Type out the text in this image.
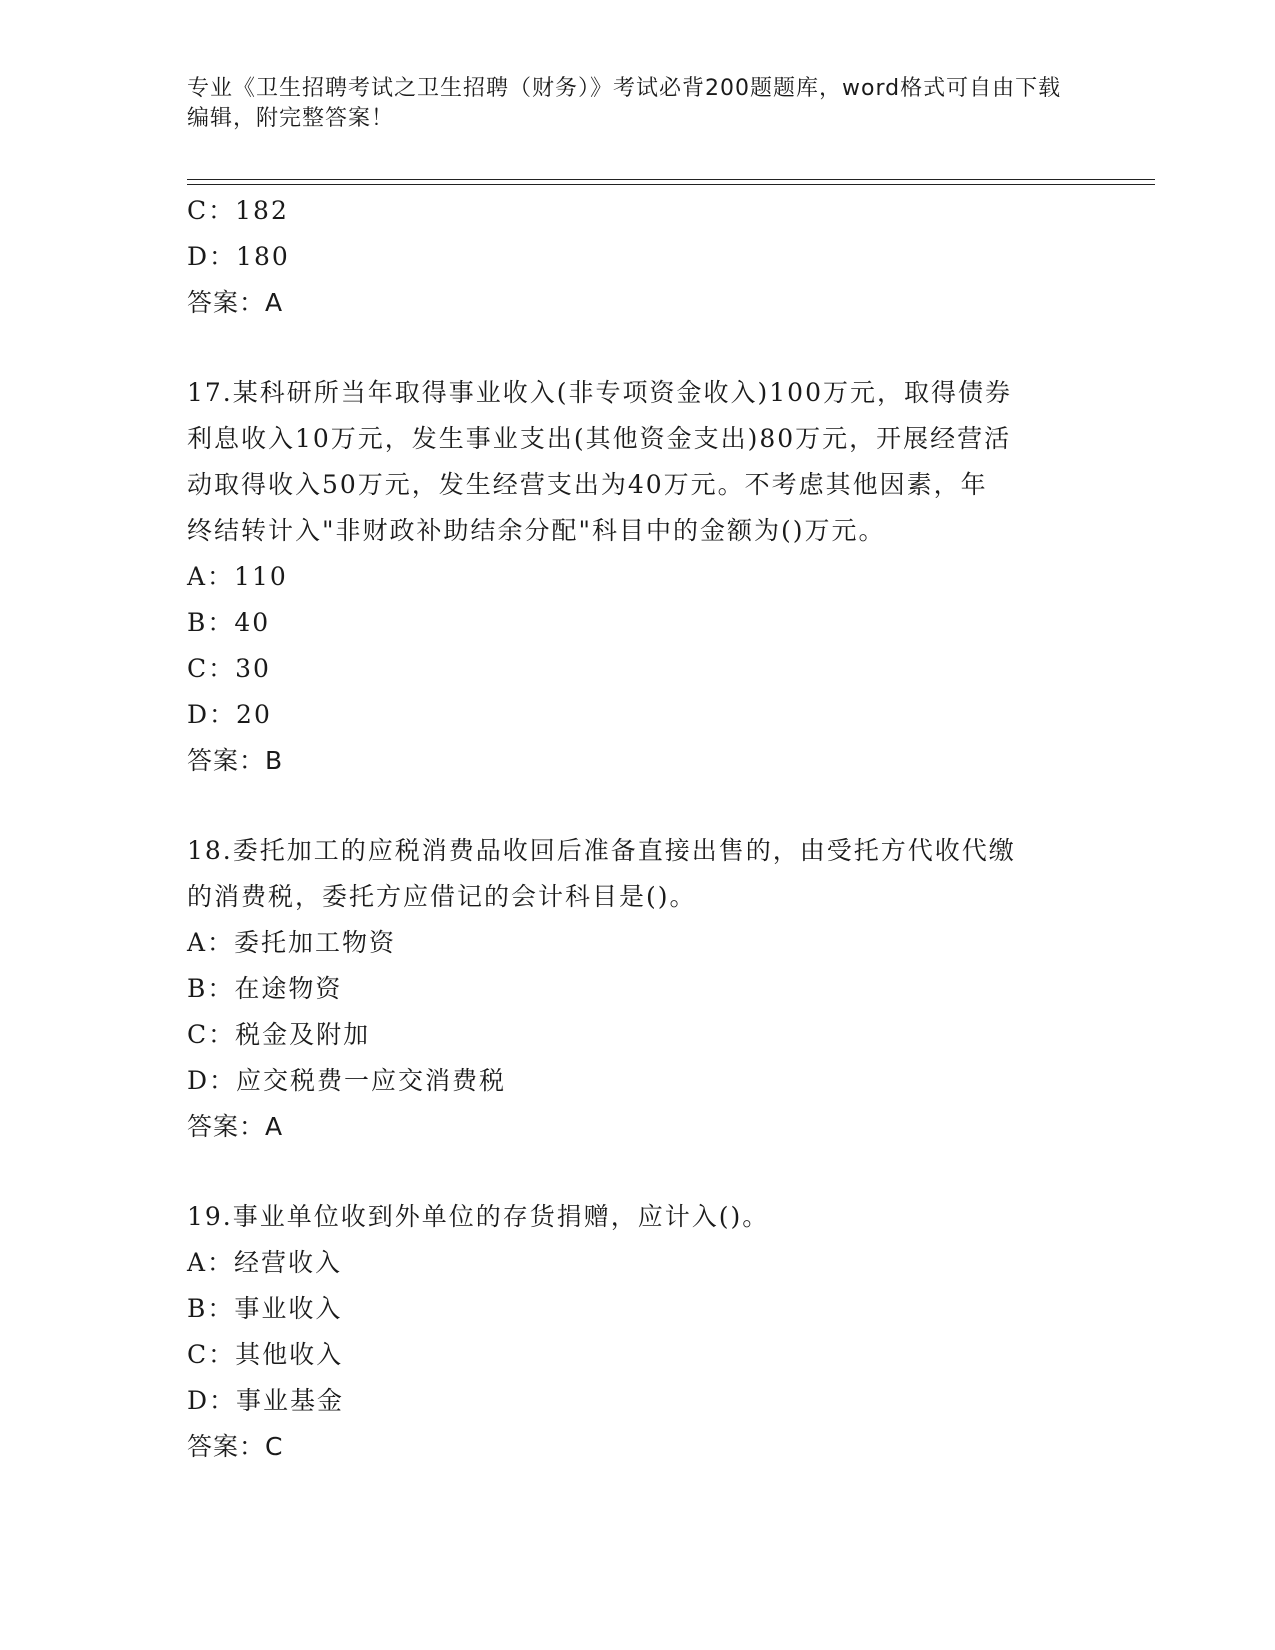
专业《卫生招聘考试之卫生招聘（财务）》考试必背200题题库，word格式可自由下载编辑，附完整答案！
C：182
D：180
答案：A
17.某科研所当年取得事业收入(非专项资金收入)100万元，取得债券
利息收入10万元，发生事业支出(其他资金支出)80万元，开展经营活
动取得收入50万元，发生经营支出为40万元。不考虑其他因素，年
终结转计入"非财政补助结余分配"科目中的金额为()万元。
A：110
B：40
C：30
D：20
答案：B
18.委托加工的应税消费品收回后准备直接出售的，由受托方代收代缴
的消费税，委托方应借记的会计科目是()。
A：委托加工物资
B：在途物资
C：税金及附加
D：应交税费一应交消费税
答案：A
19.事业单位收到外单位的存货捐赠，应计入()。
A：经营收入
B：事业收入
C：其他收入
D：事业基金
答案：C
